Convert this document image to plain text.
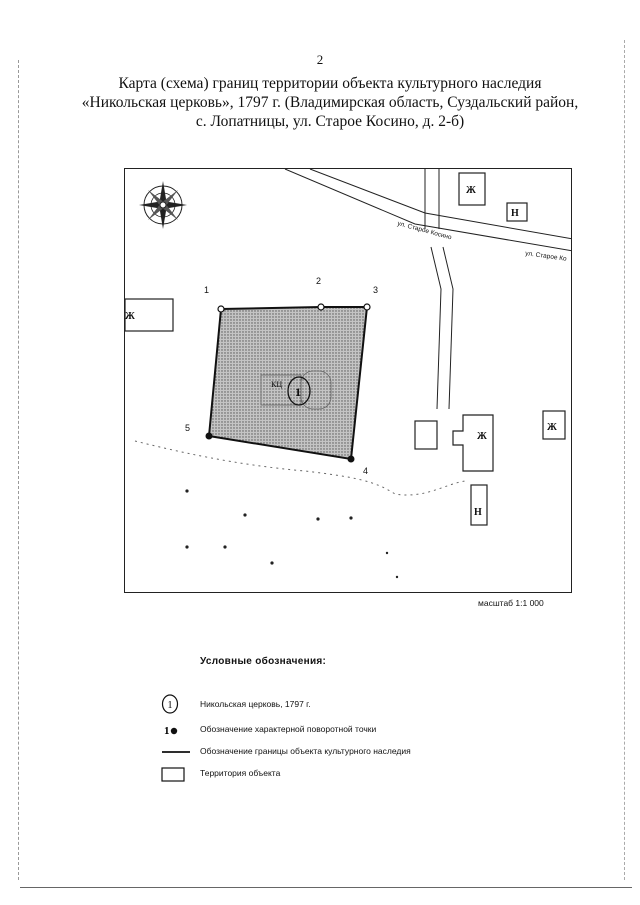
2
Карта (схема) границ территории объекта культурного наследия
«Никольская церковь», 1797 г. (Владимирская область, Суздальский район,
с. Лопатницы, ул. Старое Косино, д. 2-б)
ул. Старое Косино
ул. Старое Ко
Ж
Н
Ж
Ж
Ж
Н
КЦ
1
1
2
3
4
5
масштаб 1:1 000
Условные обозначения:
1	Никольская церковь, 1797 г.
1	Обозначение характерной поворотной точки
Обозначение границы объекта культурного наследия
Территория объекта
